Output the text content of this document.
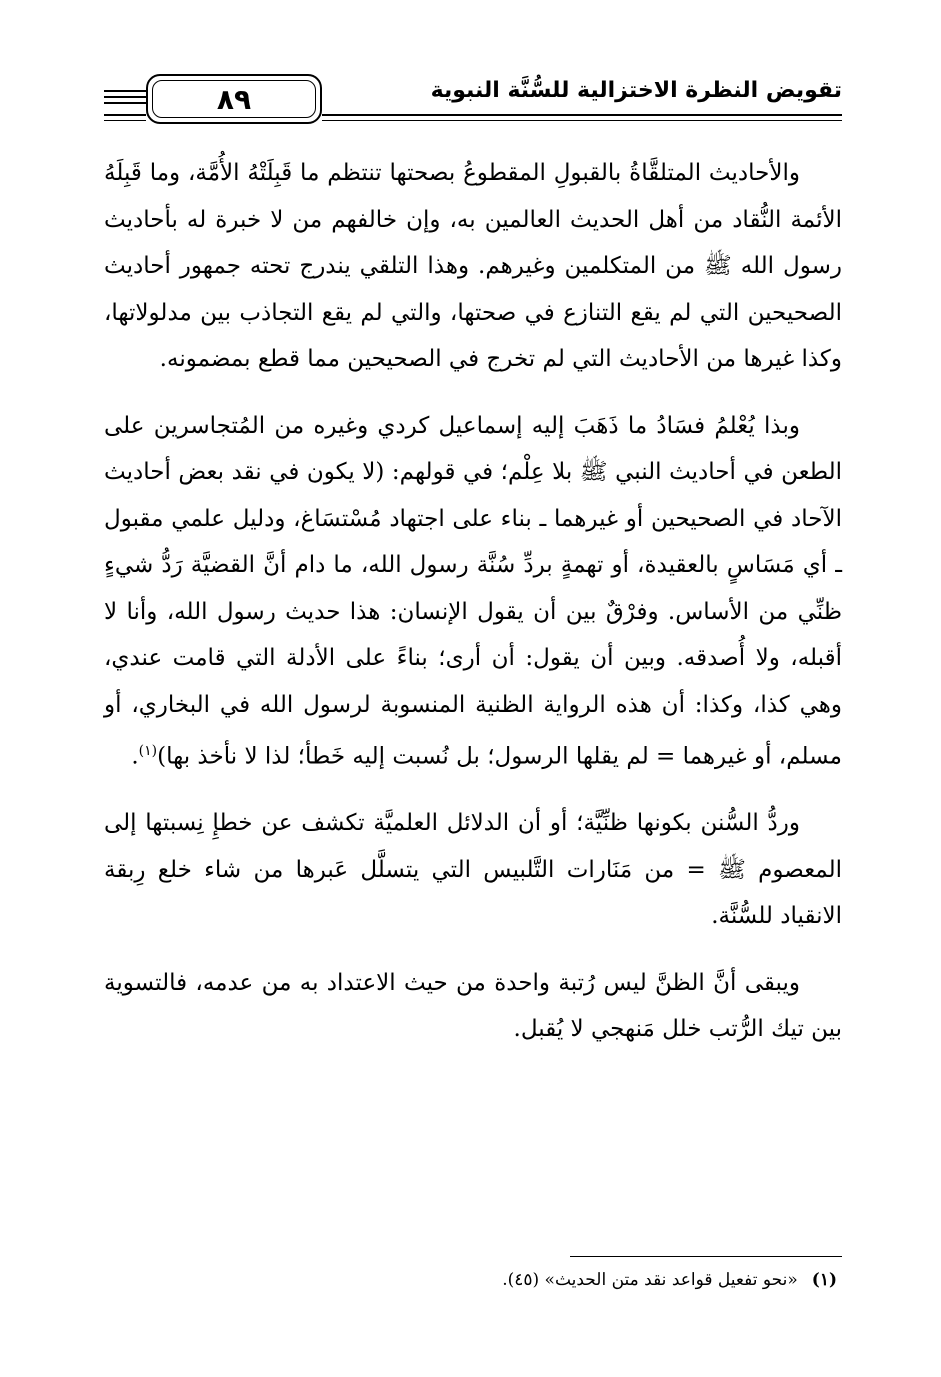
تقويض النظرة الاختزالية للسُّنَّة النبوية
٨٩

والأحاديث المتلقَّاةُ بالقبولِ المقطوعُ بصحتها تنتظم ما قَبِلَتْهُ الأُمَّة، وما قَبِلَهُ الأئمة النُّقاد من أهل الحديث العالمين به، وإن خالفهم من لا خبرة له بأحاديث رسول الله ﷺ من المتكلمين وغيرهم. وهذا التلقي يندرج تحته جمهور أحاديث الصحيحين التي لم يقع التنازع في صحتها، والتي لم يقع التجاذب بين مدلولاتها، وكذا غيرها من الأحاديث التي لم تخرج في الصحيحين مما قطع بمضمونه.

وبذا يُعْلمُ فسَادُ ما ذَهَبَ إليه إسماعيل كردي وغيره من المُتجاسرين على الطعن في أحاديث النبي ﷺ بلا عِلْم؛ في قولهم: (لا يكون في نقد بعض أحاديث الآحاد في الصحيحين أو غيرهما ـ بناء على اجتهاد مُسْتسَاغ، ودليل علمي مقبول ـ أي مَسَاسٍ بالعقيدة، أو تهمةٍ بردِّ سُنَّة رسول الله، ما دام أنَّ القضيَّة رَدُّ شيءٍ ظنِّي من الأساس. وفرْقٌ بين أن يقول الإنسان: هذا حديث رسول الله، وأنا لا أقبله، ولا أُصدقه. وبين أن يقول: أن أرى؛ بناءً على الأدلة التي قامت عندي، وهي كذا، وكذا: أن هذه الرواية الظنية المنسوبة لرسول الله في البخاري، أو مسلم، أو غيرهما = لم يقلها الرسول؛ بل نُسبت إليه خَطأ؛ لذا لا نأخذ بها)$^{(١)}$.

وردُّ السُّنن بكونها ظنِّيَّة؛ أو أن الدلائل العلميَّة تكشف عن خطإِ نِسبتها إلى المعصوم ﷺ = من مَنَارات التَّلبيس التي يتسلَّل عَبرها من شاء خلع رِبقة الانقياد للسُّنَّة.

ويبقى أنَّ الظنَّ ليس رُتبة واحدة من حيث الاعتداد به من عدمه، فالتسوية بين تيك الرُّتب خلل مَنهجي لا يُقبل.

(١)«نحو تفعيل قواعد نقد متن الحديث» (٤٥).
